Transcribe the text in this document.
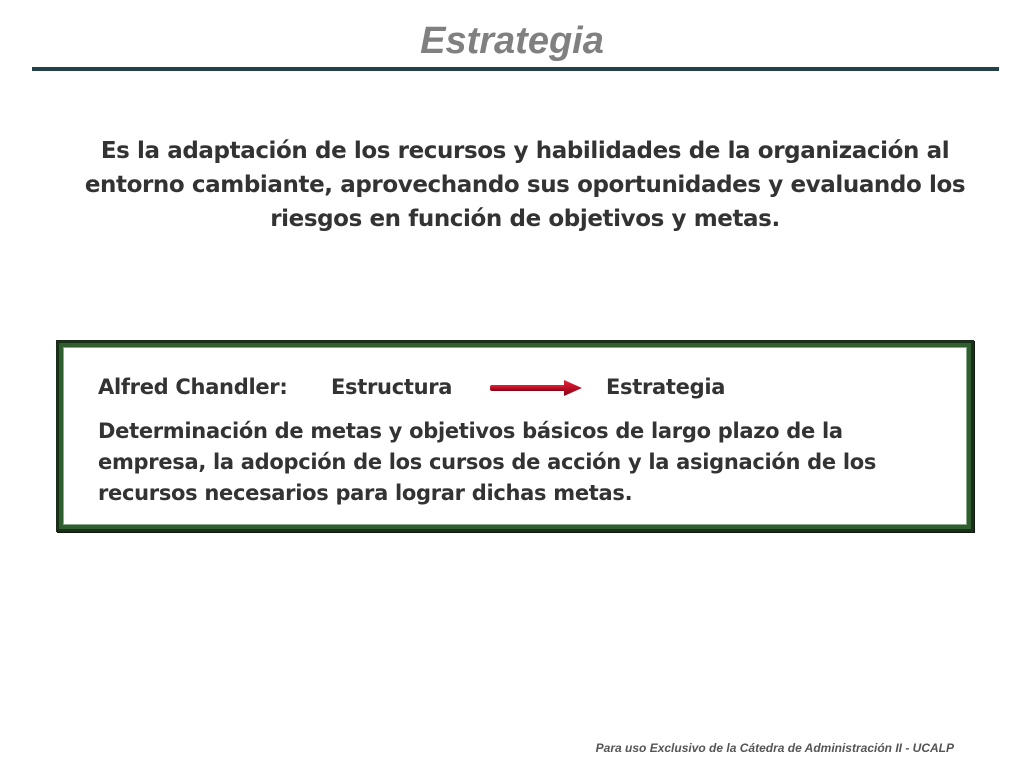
Estrategia
Es la adaptación de los recursos y habilidades de la organización al entorno cambiante, aprovechando sus oportunidades y evaluando los riesgos en función de objetivos y metas.
Alfred Chandler: Estructura	Estrategia
Determinación de metas y objetivos básicos de largo plazo de la empresa, la adopción de los cursos de acción y la asignación de los recursos necesarios para lograr dichas metas.
Para uso Exclusivo de la Cátedra de Administración II - UCALP
